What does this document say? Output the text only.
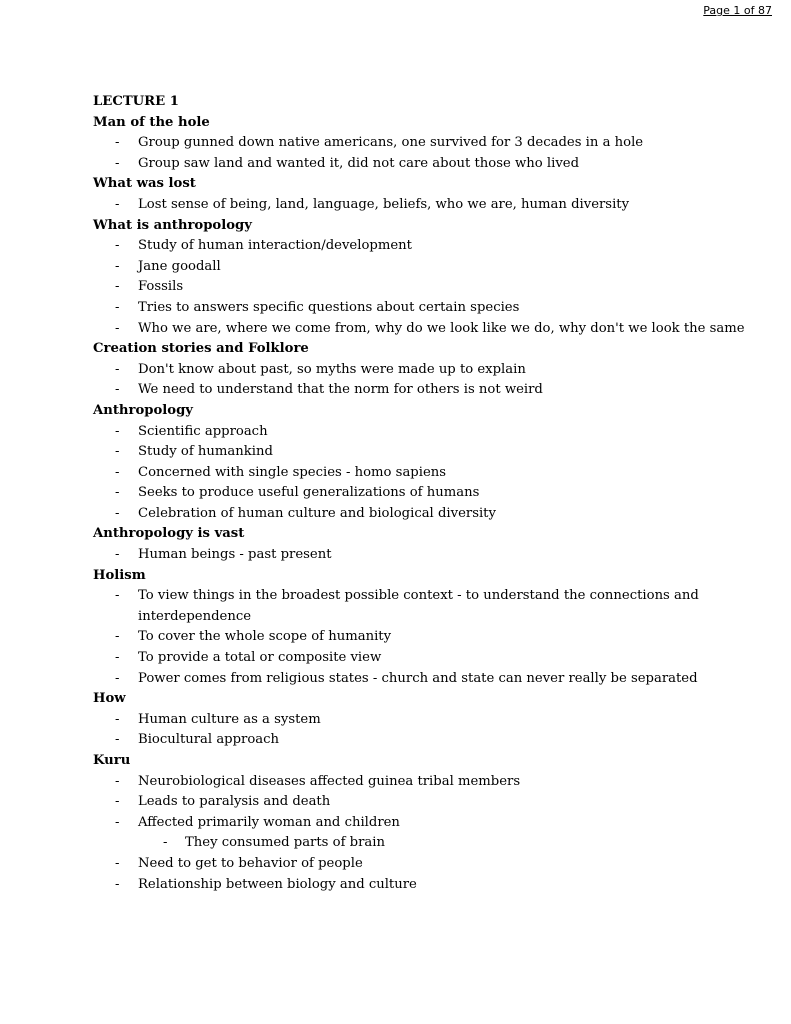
Page 1 of 87
LECTURE 1
Man of the hole
- Group gunned down native americans, one survived for 3 decades in a hole
- Group saw land and wanted it, did not care about those who lived
What was lost
- Lost sense of being, land, language, beliefs, who we are, human diversity
What is anthropology
- Study of human interaction/development
- Jane goodall
- Fossils
- Tries to answers specific questions about certain species
- Who we are, where we come from, why do we look like we do, why don't we look the same
Creation stories and Folklore
- Don't know about past, so myths were made up to explain
- We need to understand that the norm for others is not weird
Anthropology
- Scientific approach
- Study of humankind
- Concerned with single species - homo sapiens
- Seeks to produce useful generalizations of humans
- Celebration of human culture and biological diversity
Anthropology is vast
- Human beings - past present
Holism
- To view things in the broadest possible context - to understand the connections and interdependence
- To cover the whole scope of humanity
- To provide a total or composite view
- Power comes from religious states - church and state can never really be separated
How
- Human culture as a system
- Biocultural approach
Kuru
- Neurobiological diseases affected guinea tribal members
- Leads to paralysis and death
- Affected primarily woman and children
- They consumed parts of brain
- Need to get to behavior of people
- Relationship between biology and culture
